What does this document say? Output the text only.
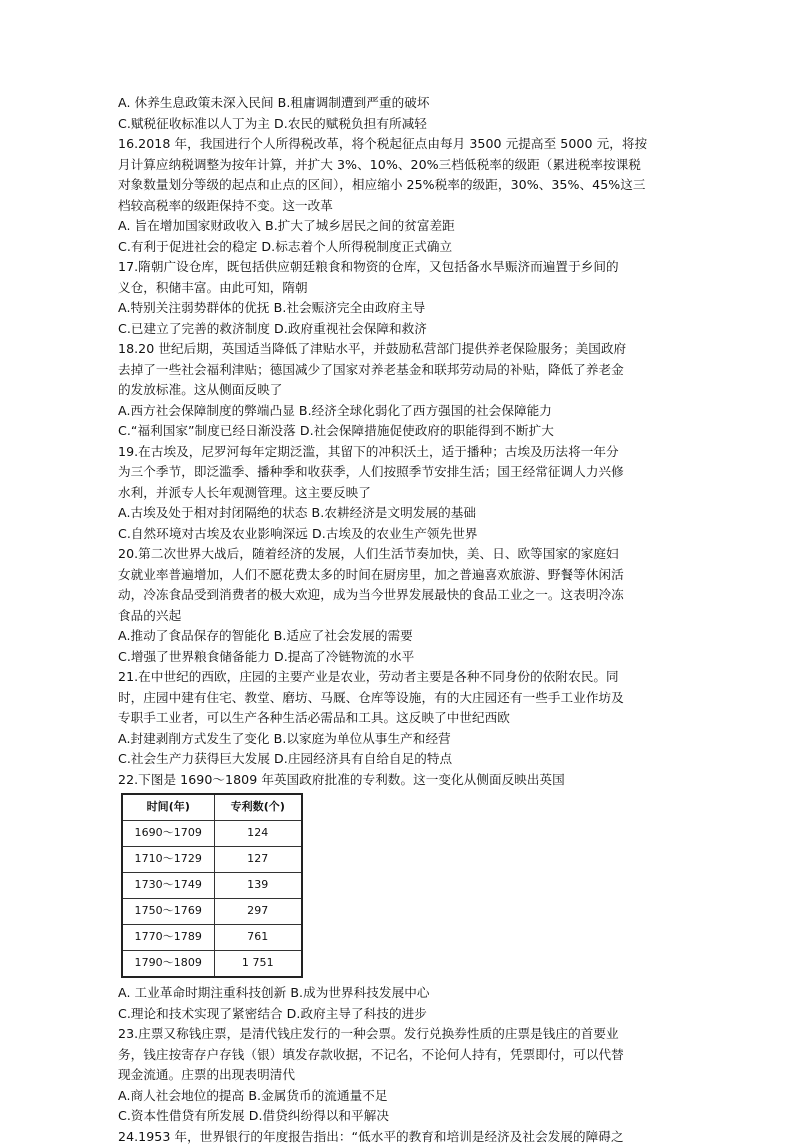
A. 休养生息政策未深入民间 B.租庸调制遭到严重的破坏
C.赋税征收标准以人丁为主 D.农民的赋税负担有所减轻
16.2018 年，我国进行个人所得税改革，将个税起征点由每月 3500 元提高至 5000 元，将按
月计算应纳税调整为按年计算，并扩大 3%、10%、20%三档低税率的级距（累进税率按课税
对象数量划分等级的起点和止点的区间），相应缩小 25%税率的级距，30%、35%、45%这三
档较高税率的级距保持不变。这一改革
A. 旨在增加国家财政收入 B.扩大了城乡居民之间的贫富差距
C.有利于促进社会的稳定 D.标志着个人所得税制度正式确立
17.隋朝广设仓库，既包括供应朝廷粮食和物资的仓库，又包括备水旱赈济而遍置于乡间的
义仓，积储丰富。由此可知，隋朝
A.特别关注弱势群体的优抚 B.社会赈济完全由政府主导
C.已建立了完善的救济制度 D.政府重视社会保障和救济
18.20 世纪后期，英国适当降低了津贴水平，并鼓励私营部门提供养老保险服务；美国政府
去掉了一些社会福利津贴；德国减少了国家对养老基金和联邦劳动局的补贴，降低了养老金
的发放标准。这从侧面反映了
A.西方社会保障制度的弊端凸显 B.经济全球化弱化了西方强国的社会保障能力
C.“福利国家”制度已经日渐没落 D.社会保障措施促使政府的职能得到不断扩大
19.在古埃及，尼罗河每年定期泛滥，其留下的冲积沃土，适于播种；古埃及历法将一年分
为三个季节，即泛滥季、播种季和收获季，人们按照季节安排生活；国王经常征调人力兴修
水利，并派专人长年观测管理。这主要反映了
A.古埃及处于相对封闭隔绝的状态 B.农耕经济是文明发展的基础
C.自然环境对古埃及农业影响深远 D.古埃及的农业生产领先世界
20.第二次世界大战后，随着经济的发展，人们生活节奏加快，美、日、欧等国家的家庭妇
女就业率普遍增加，人们不愿花费太多的时间在厨房里，加之普遍喜欢旅游、野餐等休闲活
动，冷冻食品受到消费者的极大欢迎，成为当今世界发展最快的食品工业之一。这表明冷冻
食品的兴起
A.推动了食品保存的智能化 B.适应了社会发展的需要
C.增强了世界粮食储备能力 D.提高了冷链物流的水平
21.在中世纪的西欧，庄园的主要产业是农业，劳动者主要是各种不同身份的依附农民。同
时，庄园中建有住宅、教堂、磨坊、马厩、仓库等设施，有的大庄园还有一些手工业作坊及
专职手工业者，可以生产各种生活必需品和工具。这反映了中世纪西欧
A.封建剥削方式发生了变化 B.以家庭为单位从事生产和经营
C.社会生产力获得巨大发展 D.庄园经济具有自给自足的特点
22.下图是 1690～1809 年英国政府批准的专利数。这一变化从侧面反映出英国
时间(年)	专利数(个)
1690～1709	124
1710～1729	127
1730～1749	139
1750～1769	297
1770～1789	761
1790～1809	1 751
A. 工业革命时期注重科技创新 B.成为世界科技发展中心
C.理论和技术实现了紧密结合 D.政府主导了科技的进步
23.庄票又称钱庄票，是清代钱庄发行的一种会票。发行兑换券性质的庄票是钱庄的首要业
务，钱庄按寄存户存钱（银）填发存款收据，不记名，不论何人持有，凭票即付，可以代替
现金流通。庄票的出现表明清代
A.商人社会地位的提高 B.金属货币的流通量不足
C.资本性借贷有所发展 D.借贷纠纷得以和平解决
24.1953 年，世界银行的年度报告指出：“低水平的教育和培训是经济及社会发展的障碍之
